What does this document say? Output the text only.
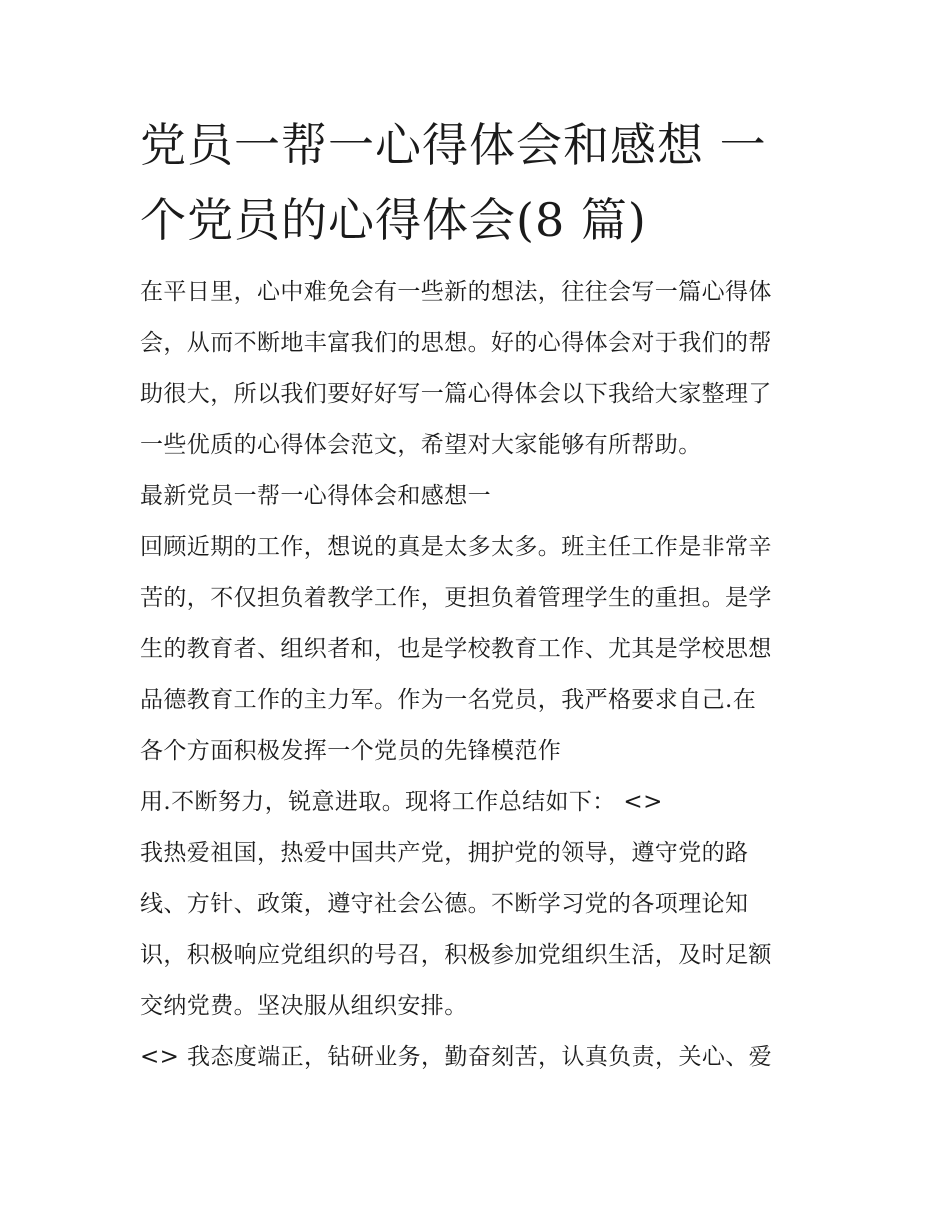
党员一帮一心得体会和感想 一
个党员的心得体会(8 篇)

在平日里，心中难免会有一些新的想法，往往会写一篇心得体
会，从而不断地丰富我们的思想。好的心得体会对于我们的帮
助很大，所以我们要好好写一篇心得体会以下我给大家整理了
一些优质的心得体会范文，希望对大家能够有所帮助。

最新党员一帮一心得体会和感想一

回顾近期的工作，想说的真是太多太多。班主任工作是非常辛
苦的，不仅担负着教学工作，更担负着管理学生的重担。是学
生的教育者、组织者和，也是学校教育工作、尤其是学校思想
品德教育工作的主力军。作为一名党员，我严格要求自己.在
各个方面积极发挥一个党员的先锋模范作

用.不断努力，锐意进取。现将工作总结如下： <>

我热爱祖国，热爱中国共产党，拥护党的领导，遵守党的路
线、方针、政策，遵守社会公德。不断学习党的各项理论知
识，积极响应党组织的号召，积极参加党组织生活，及时足额
交纳党费。坚决服从组织安排。

<> 我态度端正，钻研业务，勤奋刻苦，认真负责，关心、爱
